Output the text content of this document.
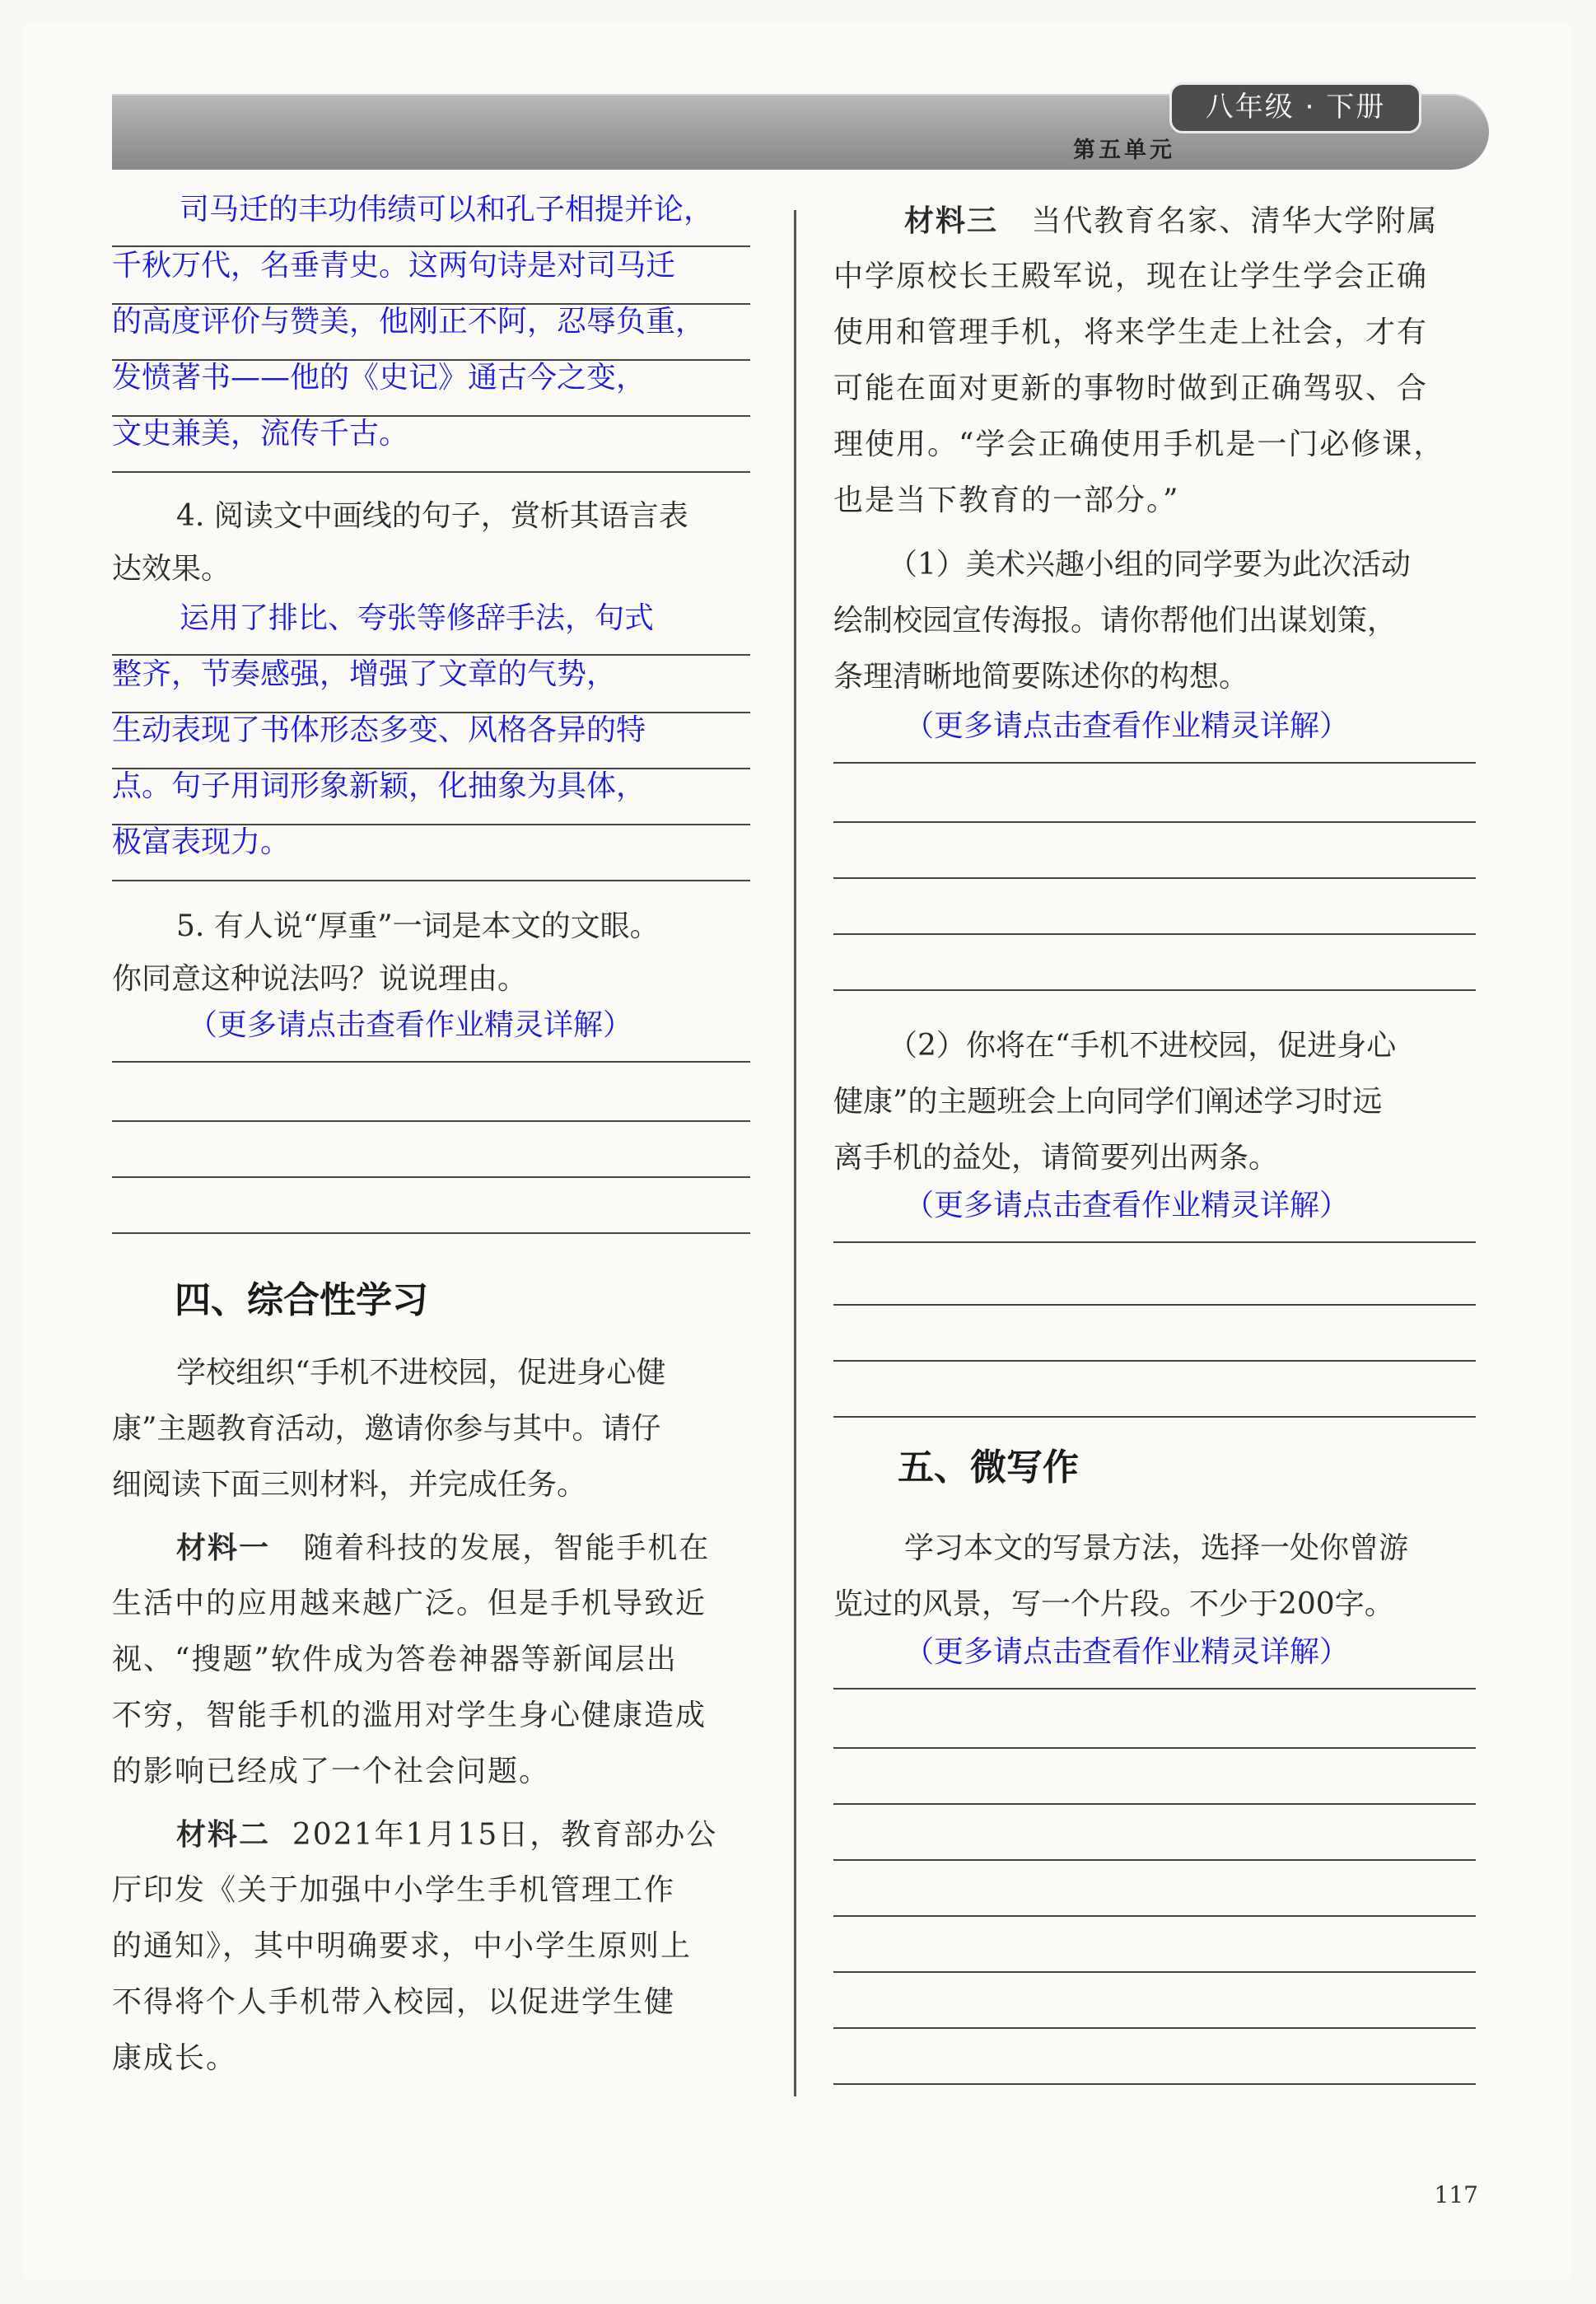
八年级 · 下册
第五单元
司马迁的丰功伟绩可以和孔子相提并论，
千秋万代，名垂青史。这两句诗是对司马迁
的高度评价与赞美，他刚正不阿，忍辱负重，
发愤著书——他的《史记》通古今之变，
文史兼美，流传千古。
4. 阅读文中画线的句子，赏析其语言表
达效果。
运用了排比、夸张等修辞手法，句式
整齐，节奏感强，增强了文章的气势，
生动表现了书体形态多变、风格各异的特
点。句子用词形象新颖，化抽象为具体，
极富表现力。
5. 有人说“厚重”一词是本文的文眼。
你同意这种说法吗？说说理由。
（更多请点击查看作业精灵详解）
四、综合性学习
学校组织“手机不进校园，促进身心健
康”主题教育活动，邀请你参与其中。请仔
细阅读下面三则材料，并完成任务。
材料一 随着科技的发展，智能手机在
生活中的应用越来越广泛。但是手机导致近
视、“搜题”软件成为答卷神器等新闻层出
不穷，智能手机的滥用对学生身心健康造成
的影响已经成了一个社会问题。
材料二 2021年1月15日，教育部办公
厅印发《关于加强中小学生手机管理工作
的通知》，其中明确要求，中小学生原则上
不得将个人手机带入校园，以促进学生健
康成长。
材料三 当代教育名家、清华大学附属
中学原校长王殿军说，现在让学生学会正确
使用和管理手机，将来学生走上社会，才有
可能在面对更新的事物时做到正确驾驭、合
理使用。“学会正确使用手机是一门必修课，
也是当下教育的一部分。”
（1）美术兴趣小组的同学要为此次活动
绘制校园宣传海报。请你帮他们出谋划策，
条理清晰地简要陈述你的构想。
（更多请点击查看作业精灵详解）
（2）你将在“手机不进校园，促进身心
健康”的主题班会上向同学们阐述学习时远
离手机的益处，请简要列出两条。
（更多请点击查看作业精灵详解）
五、微写作
学习本文的写景方法，选择一处你曾游
览过的风景，写一个片段。不少于200字。
（更多请点击查看作业精灵详解）
117
